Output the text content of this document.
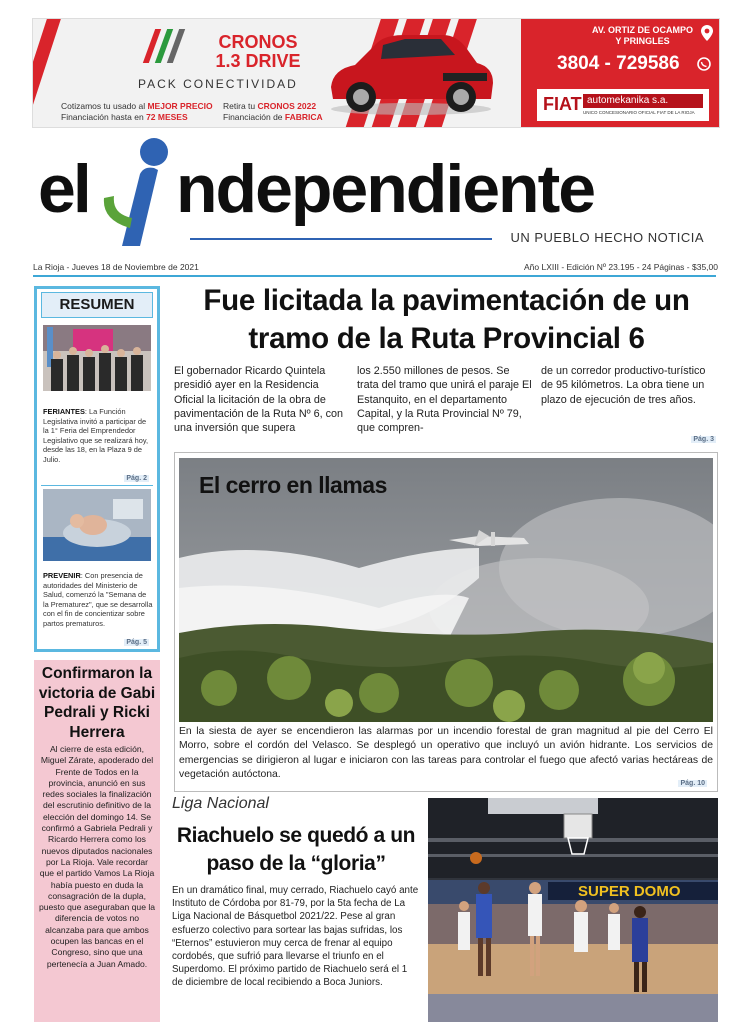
CRONOS
1.3 DRIVE
PACK CONECTIVIDAD
Cotizamos tu usado al MEJOR PRECIO
Financiación hasta en 72 MESES
Retira tu CRONOS 2022
Financiación de FABRICA
AV. ORTIZ DE OCAMPO
Y PRINGLES
3804 - 729586
FIAT automekanika s.a.
UNICO CONCESIONARIO OFICIAL FIAT DE LA RIOJA
el ndependiente
UN PUEBLO HECHO NOTICIA
La Rioja - Jueves 18 de Noviembre de 2021	Año LXIII - Edición Nº 23.195 - 24 Páginas - $35,00
RESUMEN
FERIANTES: La Función Legislativa invitó a participar de la 1° Feria del Emprendedor Legislativo que se realizará hoy, desde las 18, en la Plaza 9 de Julio.
Pág. 2
PREVENIR: Con presencia de autoridades del Ministerio de Salud, comenzó la "Semana de la Prematurez", que se desarrolla con el fin de concientizar sobre partos prematuros.
Pág. 5
Confirmaron la victoria de Gabi Pedrali y Ricki Herrera
Al cierre de esta edición, Miguel Zárate, apoderado del Frente de Todos en la provincia, anunció en sus redes sociales la finalización del escrutinio definitivo de la elección del domingo 14. Se confirmó a Gabriela Pedrali y Ricardo Herrera como los nuevos diputados nacionales por La Rioja. Vale recordar que el partido Vamos La Rioja había puesto en duda la consagración de la dupla, puesto que aseguraban que la diferencia de votos no alcanzaba para que ambos ocupen las bancas en el Congreso, sino que una pertenecía a Juan Amado.
Fue licitada la pavimentación de un tramo de la Ruta Provincial 6
El gobernador Ricardo Quintela presidió ayer en la Residencia Oficial la licitación de la obra de pavimentación de la Ruta Nº 6, con una inversión que supera
los 2.550 millones de pesos. Se trata del tramo que unirá el paraje El Estanquito, en el departamento Capital, y la Ruta Provincial Nº 79, que compren-
de un corredor productivo-turístico de 95 kilómetros. La obra tiene un plazo de ejecución de tres años.
Pág. 3
El cerro en llamas
En la siesta de ayer se encendieron las alarmas por un incendio forestal de gran magnitud al pie del Cerro El Morro, sobre el cordón del Velasco. Se desplegó un operativo que incluyó un avión hidrante. Los servicios de emergencias se dirigieron al lugar e iniciaron con las tareas para controlar el fuego que afectó varias hectáreas de vegetación autóctona.
Pág. 10
Liga Nacional
Riachuelo se quedó a un paso de la “gloria”
En un dramático final, muy cerrado, Riachuelo cayó ante Instituto de Córdoba por 81-79, por la 5ta fecha de La Liga Nacional de Básquetbol 2021/22. Pese al gran esfuerzo colectivo para sortear las bajas sufridas, los “Eternos” estuvieron muy cerca de frenar al equipo cordobés, que sufrió para llevarse el triunfo en el Superdomo. El próximo partido de Riachuelo será el 1 de diciembre de local recibiendo a Boca Juniors.
SUPER DOMO
